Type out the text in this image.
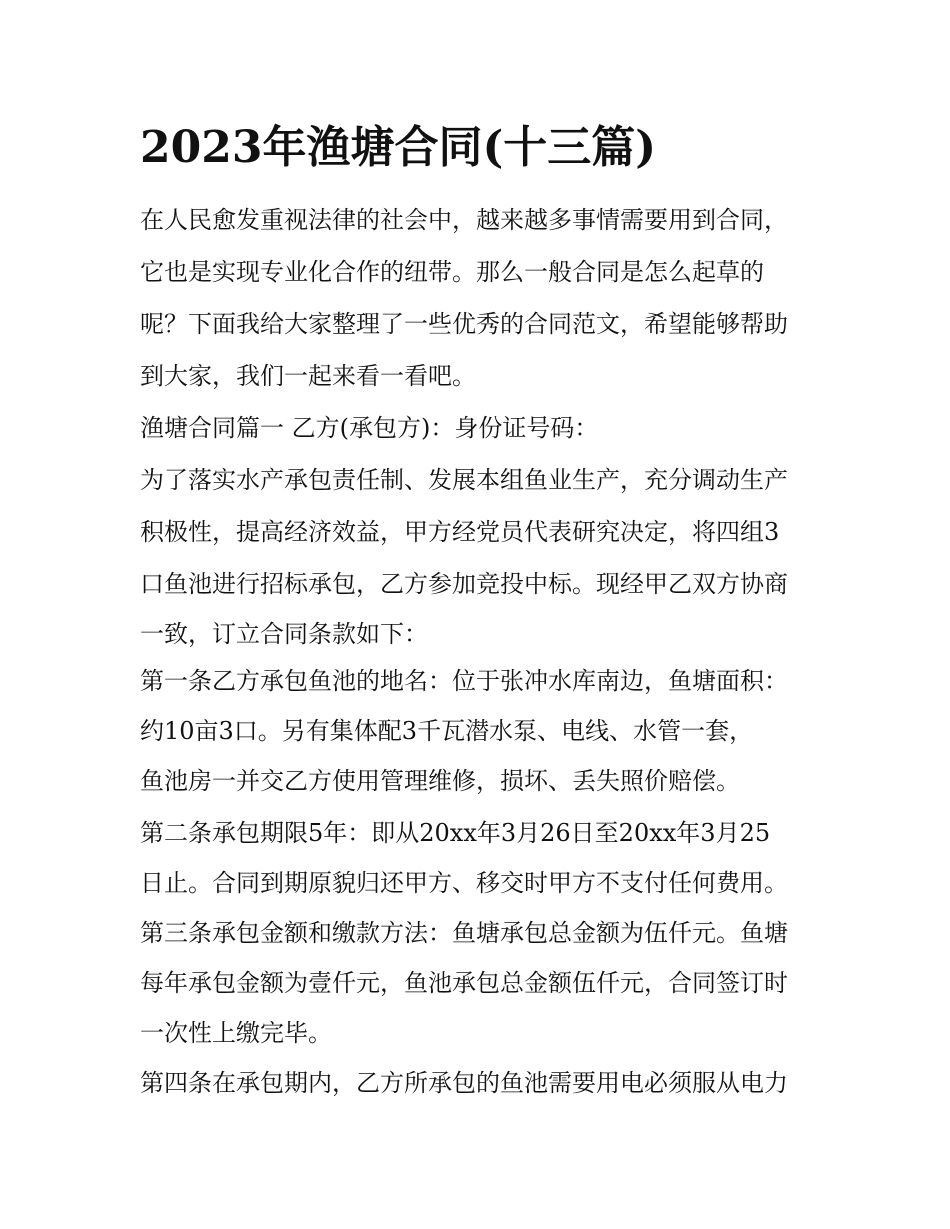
2023年渔塘合同(十三篇)

在人民愈发重视法律的社会中，越来越多事情需要用到合同，

它也是实现专业化合作的纽带。那么一般合同是怎么起草的

呢？下面我给大家整理了一些优秀的合同范文，希望能够帮助

到大家，我们一起来看一看吧。

渔塘合同篇一 乙方(承包方)：身份证号码：

为了落实水产承包责任制、发展本组鱼业生产，充分调动生产

积极性，提高经济效益，甲方经党员代表研究决定，将四组3

口鱼池进行招标承包，乙方参加竞投中标。现经甲乙双方协商

一致，订立合同条款如下：

第一条乙方承包鱼池的地名：位于张冲水库南边，鱼塘面积：

约10亩3口。另有集体配3千瓦潜水泵、电线、水管一套，

鱼池房一并交乙方使用管理维修，损坏、丢失照价赔偿。

第二条承包期限5年：即从20xx年3月26日至20xx年3月25

日止。合同到期原貌归还甲方、移交时甲方不支付任何费用。

第三条承包金额和缴款方法：鱼塘承包总金额为伍仟元。鱼塘

每年承包金额为壹仟元，鱼池承包总金额伍仟元，合同签订时

一次性上缴完毕。

第四条在承包期内，乙方所承包的鱼池需要用电必须服从电力
